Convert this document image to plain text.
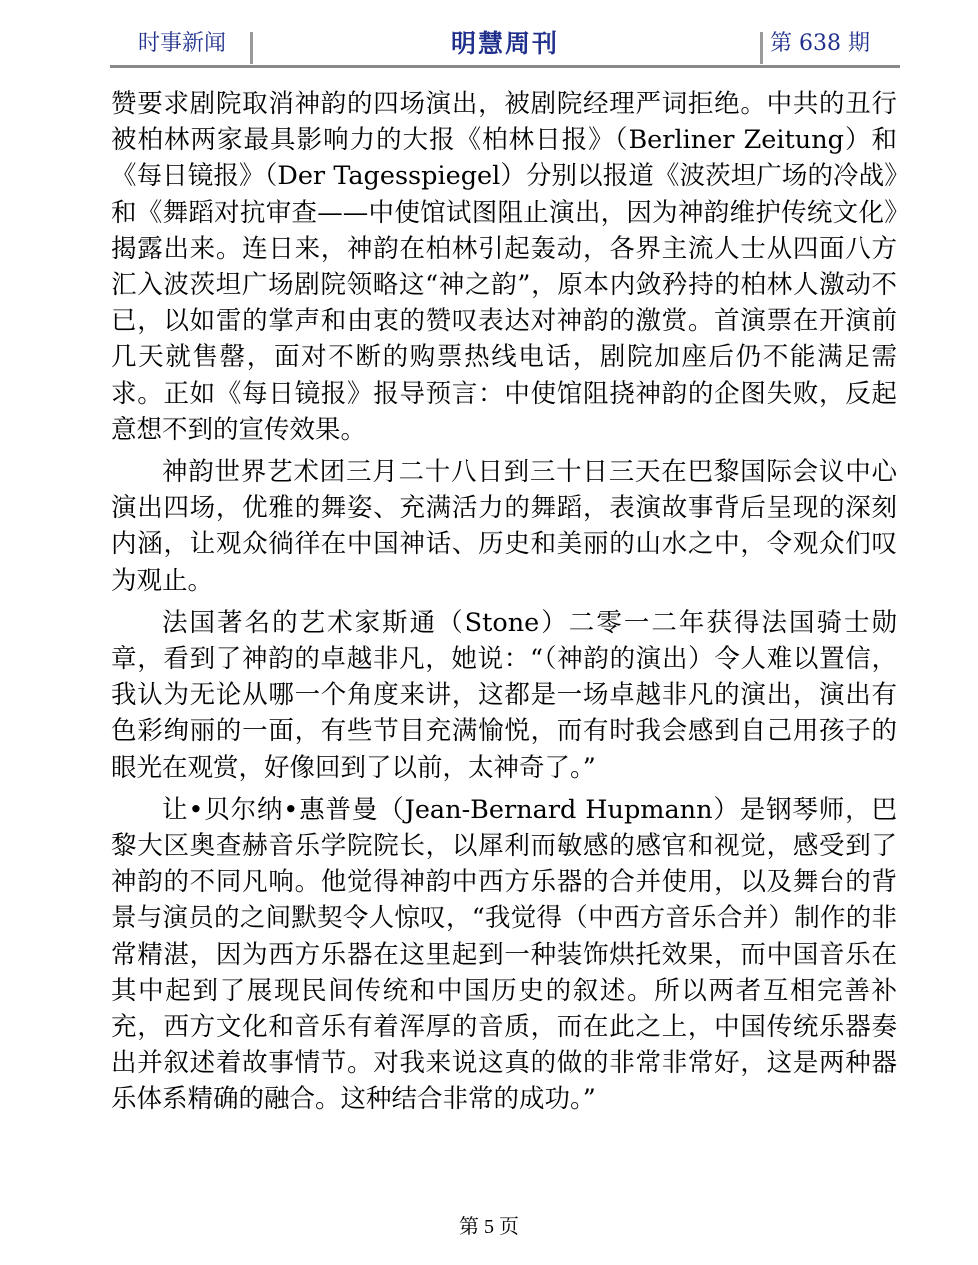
时事新闻	明慧周刊	第 638 期

赞要求剧院取消神韵的四场演出，被剧院经理严词拒绝。中共的丑行被柏林两家最具影响力的大报《柏林日报》（Berliner Zeitung）和《每日镜报》（Der Tagesspiegel）分别以报道《波茨坦广场的冷战》和《舞蹈对抗审查——中使馆试图阻止演出，因为神韵维护传统文化》揭露出来。连日来，神韵在柏林引起轰动，各界主流人士从四面八方汇入波茨坦广场剧院领略这“神之韵”，原本内敛矜持的柏林人激动不已，以如雷的掌声和由衷的赞叹表达对神韵的激赏。首演票在开演前几天就售罄，面对不断的购票热线电话，剧院加座后仍不能满足需求。正如《每日镜报》报导预言：中使馆阻挠神韵的企图失败，反起意想不到的宣传效果。

神韵世界艺术团三月二十八日到三十日三天在巴黎国际会议中心演出四场，优雅的舞姿、充满活力的舞蹈，表演故事背后呈现的深刻内涵，让观众徜徉在中国神话、历史和美丽的山水之中，令观众们叹为观止。

法国著名的艺术家斯通（Stone）二零一二年获得法国骑士勋章，看到了神韵的卓越非凡，她说：“（神韵的演出）令人难以置信，我认为无论从哪一个角度来讲，这都是一场卓越非凡的演出，演出有色彩绚丽的一面，有些节目充满愉悦，而有时我会感到自己用孩子的眼光在观赏，好像回到了以前，太神奇了。”

让•贝尔纳•惠普曼（Jean-Bernard Hupmann）是钢琴师，巴黎大区奥查赫音乐学院院长，以犀利而敏感的感官和视觉，感受到了神韵的不同凡响。他觉得神韵中西方乐器的合并使用，以及舞台的背景与演员的之间默契令人惊叹，“我觉得（中西方音乐合并）制作的非常精湛，因为西方乐器在这里起到一种装饰烘托效果，而中国音乐在其中起到了展现民间传统和中国历史的叙述。所以两者互相完善补充，西方文化和音乐有着浑厚的音质，而在此之上，中国传统乐器奏出并叙述着故事情节。对我来说这真的做的非常非常好，这是两种器乐体系精确的融合。这种结合非常的成功。”

第 5 页
